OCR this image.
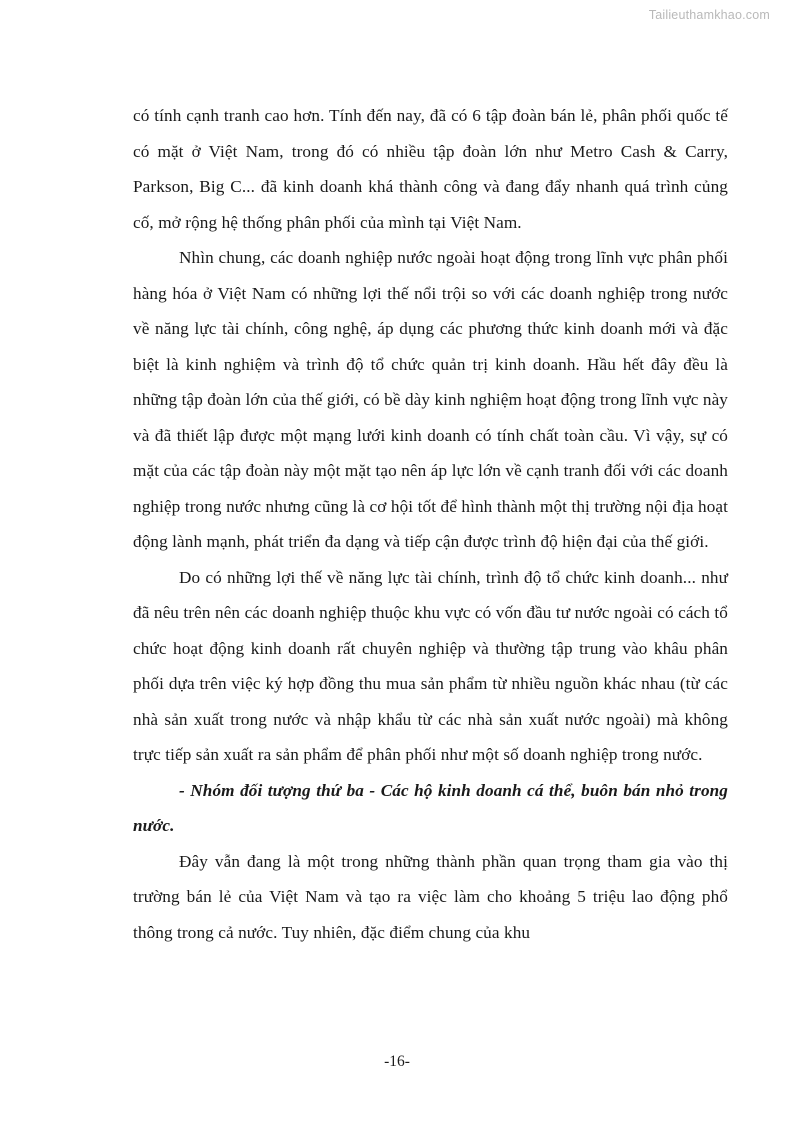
Tailieuthamkhao.com

có tính cạnh tranh cao hơn. Tính đến nay, đã có 6 tập đoàn bán lẻ, phân phối quốc tế có mặt ở Việt Nam, trong đó có nhiều tập đoàn lớn như Metro Cash & Carry, Parkson, Big C... đã kinh doanh khá thành công và đang đẩy nhanh quá trình củng cố, mở rộng hệ thống phân phối của mình tại Việt Nam.

Nhìn chung, các doanh nghiệp nước ngoài hoạt động trong lĩnh vực phân phối hàng hóa ở Việt Nam có những lợi thế nổi trội so với các doanh nghiệp trong nước về năng lực tài chính, công nghệ, áp dụng các phương thức kinh doanh mới và đặc biệt là kinh nghiệm và trình độ tổ chức quản trị kinh doanh. Hầu hết đây đều là những tập đoàn lớn của thế giới, có bề dày kinh nghiệm hoạt động trong lĩnh vực này và đã thiết lập được một mạng lưới kinh doanh có tính chất toàn cầu. Vì vậy, sự có mặt của các tập đoàn này một mặt tạo nên áp lực lớn về cạnh tranh đối với các doanh nghiệp trong nước nhưng cũng là cơ hội tốt để hình thành một thị trường nội địa hoạt động lành mạnh, phát triển đa dạng và tiếp cận được trình độ hiện đại của thế giới.

Do có những lợi thế về năng lực tài chính, trình độ tổ chức kinh doanh... như đã nêu trên nên các doanh nghiệp thuộc khu vực có vốn đầu tư nước ngoài có cách tổ chức hoạt động kinh doanh rất chuyên nghiệp và thường tập trung vào khâu phân phối dựa trên việc ký hợp đồng thu mua sản phẩm từ nhiều nguồn khác nhau (từ các nhà sản xuất trong nước và nhập khẩu từ các nhà sản xuất nước ngoài) mà không trực tiếp sản xuất ra sản phẩm để phân phối như một số doanh nghiệp trong nước.

- Nhóm đối tượng thứ ba - Các hộ kinh doanh cá thể, buôn bán nhỏ trong nước.

Đây vẫn đang là một trong những thành phần quan trọng tham gia vào thị trường bán lẻ của Việt Nam và tạo ra việc làm cho khoảng 5 triệu lao động phổ thông trong cả nước. Tuy nhiên, đặc điểm chung của khu

-16-
